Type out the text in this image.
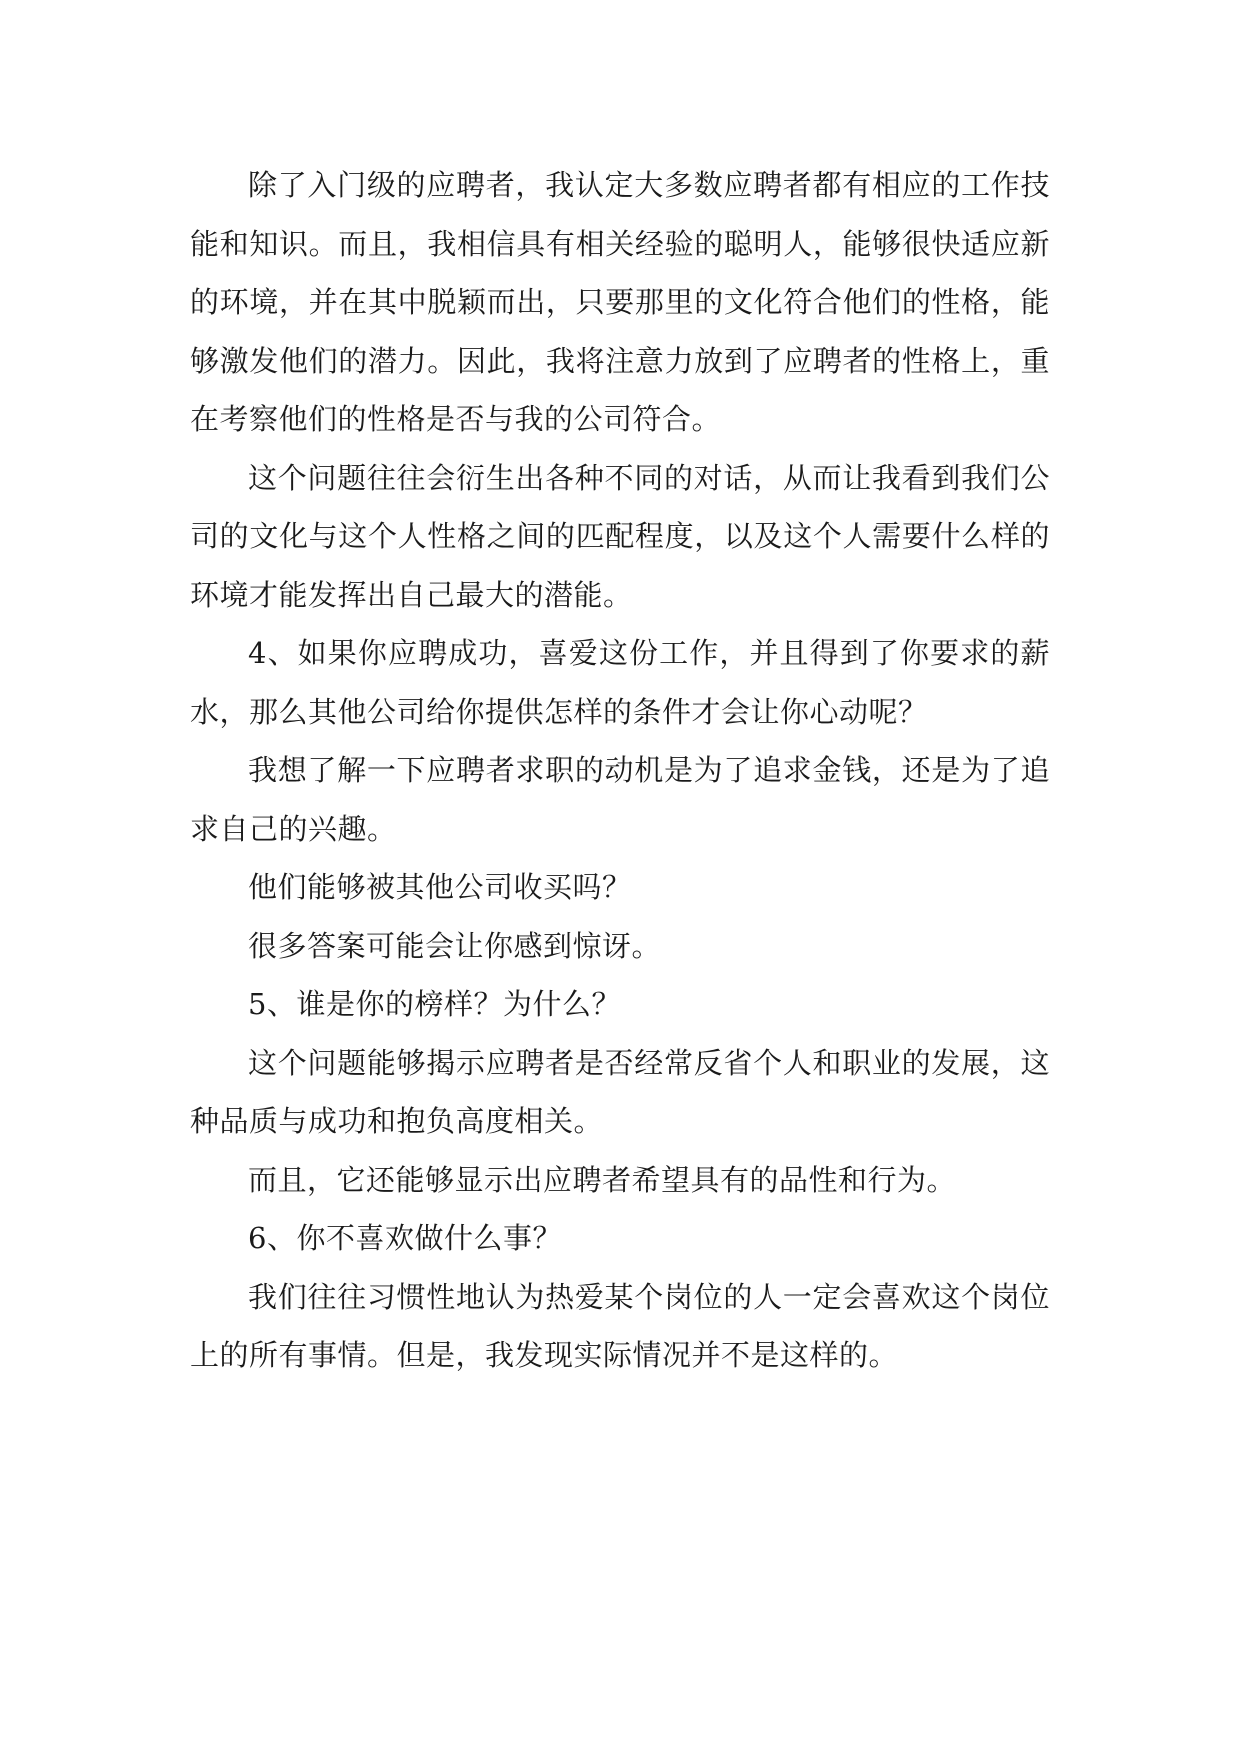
除了入门级的应聘者，我认定大多数应聘者都有相应的工作技能和知识。而且，我相信具有相关经验的聪明人，能够很快适应新的环境，并在其中脱颖而出，只要那里的文化符合他们的性格，能够激发他们的潜力。因此，我将注意力放到了应聘者的性格上，重在考察他们的性格是否与我的公司符合。

这个问题往往会衍生出各种不同的对话，从而让我看到我们公司的文化与这个人性格之间的匹配程度，以及这个人需要什么样的环境才能发挥出自己最大的潜能。

4、如果你应聘成功，喜爱这份工作，并且得到了你要求的薪水，那么其他公司给你提供怎样的条件才会让你心动呢？

我想了解一下应聘者求职的动机是为了追求金钱，还是为了追求自己的兴趣。

他们能够被其他公司收买吗？

很多答案可能会让你感到惊讶。

5、谁是你的榜样？为什么？

这个问题能够揭示应聘者是否经常反省个人和职业的发展，这种品质与成功和抱负高度相关。

而且，它还能够显示出应聘者希望具有的品性和行为。

6、你不喜欢做什么事？

我们往往习惯性地认为热爱某个岗位的人一定会喜欢这个岗位上的所有事情。但是，我发现实际情况并不是这样的。
